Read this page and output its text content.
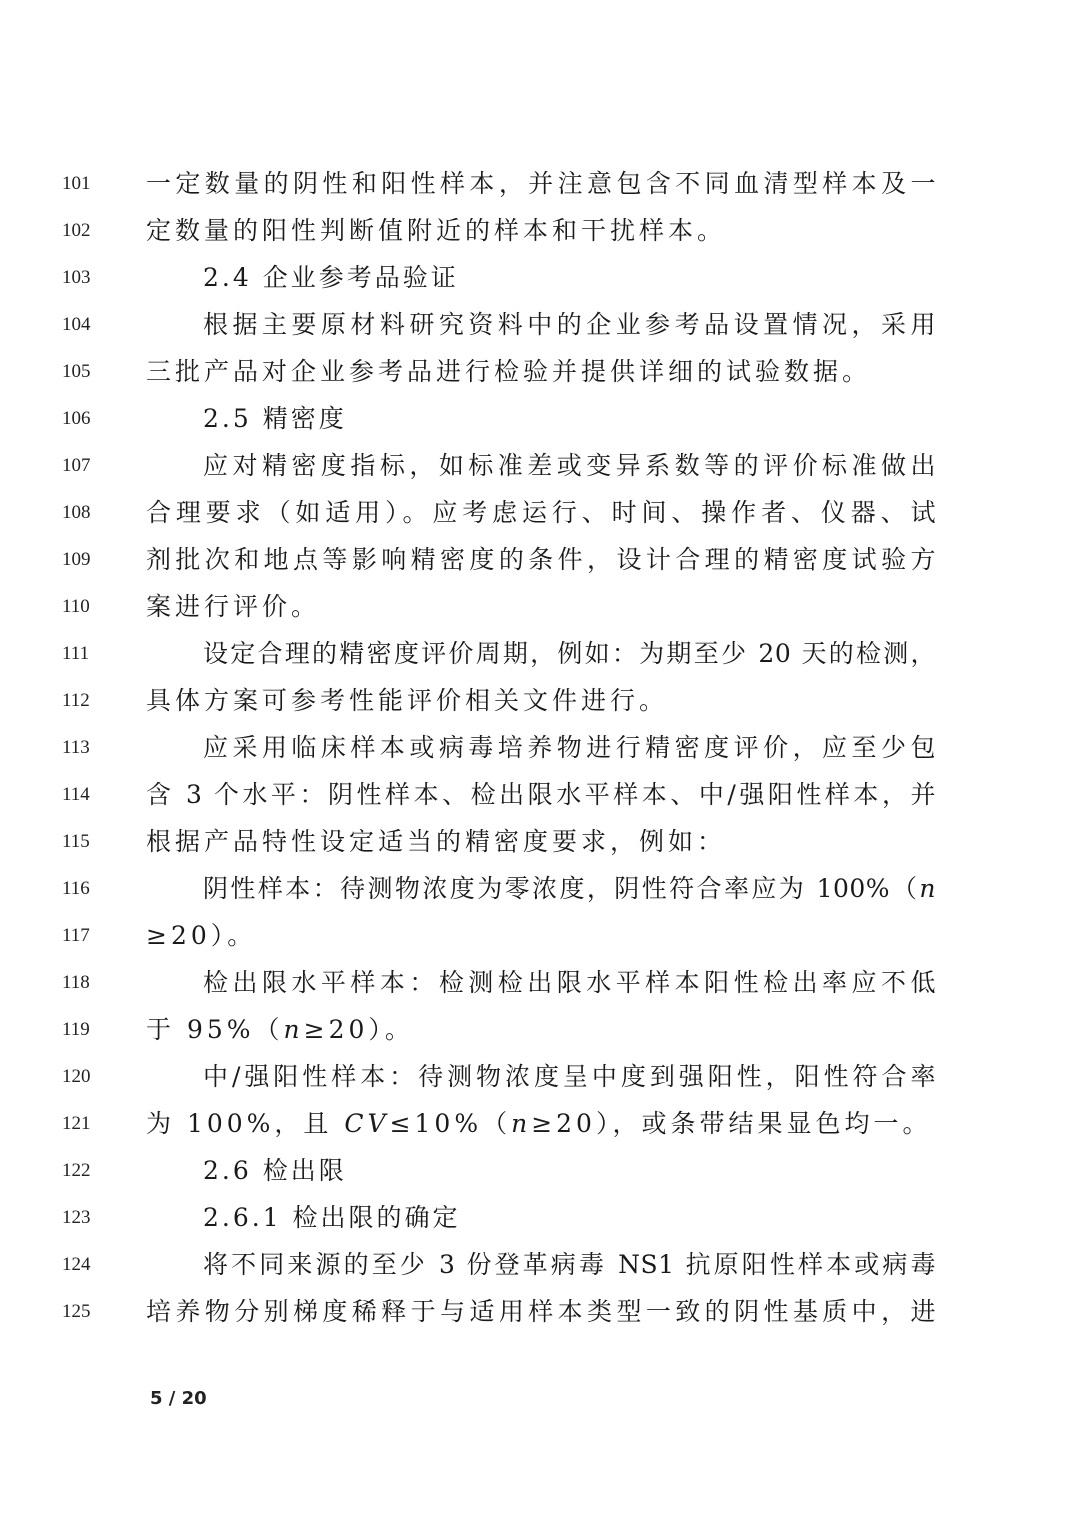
101	一定数量的阴性和阳性样本，并注意包含不同血清型样本及一
102	定数量的阳性判断值附近的样本和干扰样本。
103	2.4 企业参考品验证
104	根据主要原材料研究资料中的企业参考品设置情况，采用
105	三批产品对企业参考品进行检验并提供详细的试验数据。
106	2.5 精密度
107	应对精密度指标，如标准差或变异系数等的评价标准做出
108	合理要求（如适用）。应考虑运行、时间、操作者、仪器、试
109	剂批次和地点等影响精密度的条件，设计合理的精密度试验方
110	案进行评价。
111	设定合理的精密度评价周期，例如：为期至少 20 天的检测，
112	具体方案可参考性能评价相关文件进行。
113	应采用临床样本或病毒培养物进行精密度评价，应至少包
114	含 3 个水平：阴性样本、检出限水平样本、中/强阳性样本，并
115	根据产品特性设定适当的精密度要求，例如：
116	阴性样本：待测物浓度为零浓度，阴性符合率应为 100%（n
117	≥20）。
118	检出限水平样本：检测检出限水平样本阳性检出率应不低
119	于 95%（n≥20）。
120	中/强阳性样本：待测物浓度呈中度到强阳性，阳性符合率
121	为 100%，且 CV≤10%（n≥20），或条带结果显色均一。
122	2.6 检出限
123	2.6.1 检出限的确定
124	将不同来源的至少 3 份登革病毒 NS1 抗原阳性样本或病毒
125	培养物分别梯度稀释于与适用样本类型一致的阴性基质中，进
5 / 20
